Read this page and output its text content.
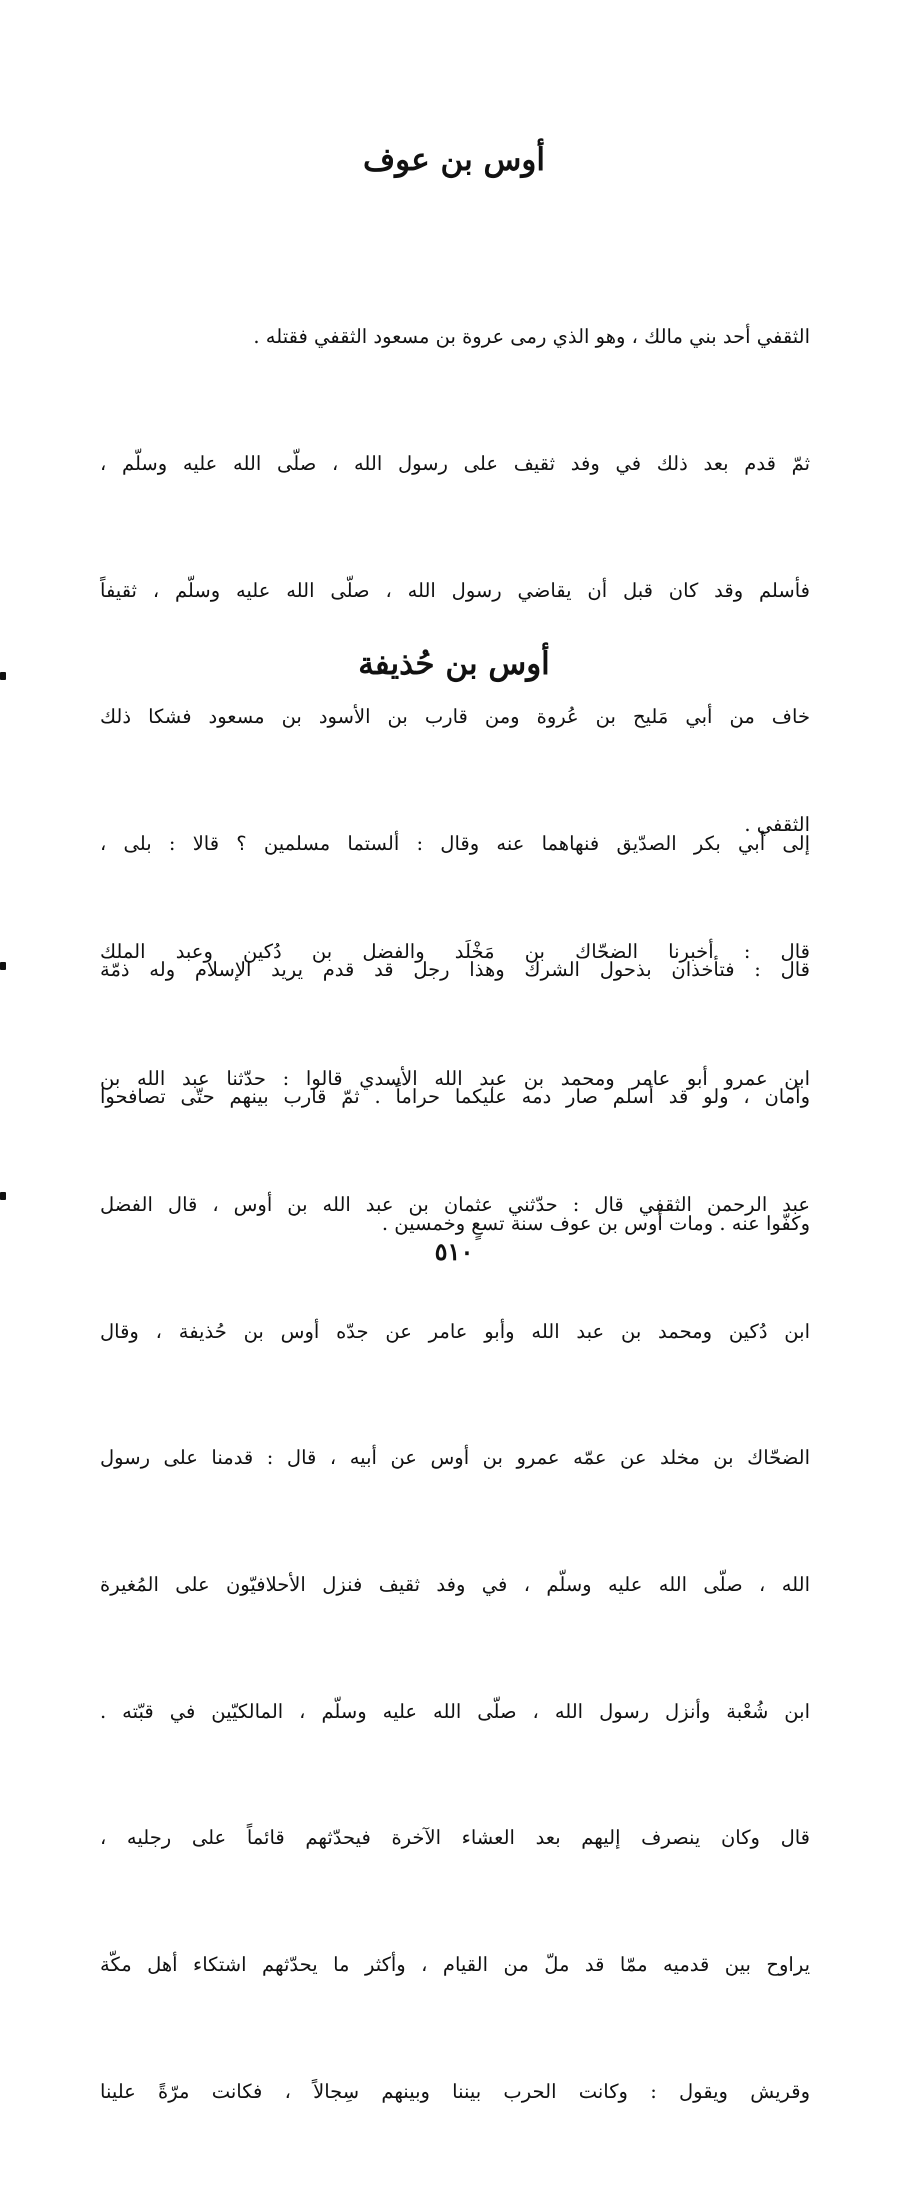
أوس بن عوف

الثقفي أحد بني مالك ، وهو الذي رمى عروة بن مسعود الثقفي فقتله .

ثمّ قدم بعد ذلك في وفد ثقيف على رسول الله ، صلّى الله عليه وسلّم ،

فأسلم وقد كان قبل أن يقاضي رسول الله ، صلّى الله عليه وسلّم ، ثقيفاً

خاف من أبي مَليح بن عُروة ومن قارب بن الأسود بن مسعود فشكا ذلك

إلى أبي بكر الصدّيق فنهاهما عنه وقال : ألستما مسلمين ؟ قالا : بلى ،

قال : فتأخذان بذحول الشرك وهذا رجل قد قدم يريد الإسلام وله ذمّة

وأمان ، ولو قد أسلم صار دمه عليكما حراماً . ثمّ قارب بينهم حتّى تصافحوا

وكفّوا عنه . ومات أوس بن عوف سنة تسعٍ وخمسين .

أوس بن حُذيفة

الثقفي .

قال : أخبرنا الضحّاك بن مَخْلَد والفضل بن دُكين وعبد الملك

ابن عمرو أبو عامر ومحمد بن عبد الله الأسدي قالوا : حدّثنا عبد الله بن

عبد الرحمن الثقفي قال : حدّثني عثمان بن عبد الله بن أوس ، قال الفضل

ابن دُكين ومحمد بن عبد الله وأبو عامر عن جدّه أوس بن حُذيفة ، وقال

الضحّاك بن مخلد عن عمّه عمرو بن أوس عن أبيه ، قال : قدمنا على رسول

الله ، صلّى الله عليه وسلّم ، في وفد ثقيف فنزل الأحلافيّون على المُغيرة

ابن شُعْبة وأنزل رسول الله ، صلّى الله عليه وسلّم ، المالكيّين في قبّته .

قال وكان ينصرف إليهم بعد العشاء الآخرة فيحدّثهم قائماً على رجليه ،

يراوح بين قدميه ممّا قد ملّ من القيام ، وأكثر ما يحدّثهم اشتكاء أهل مكّة

وقريش ويقول : وكانت الحرب بيننا وبينهم سِجالاً ، فكانت مرّةً علينا

٥١٠
